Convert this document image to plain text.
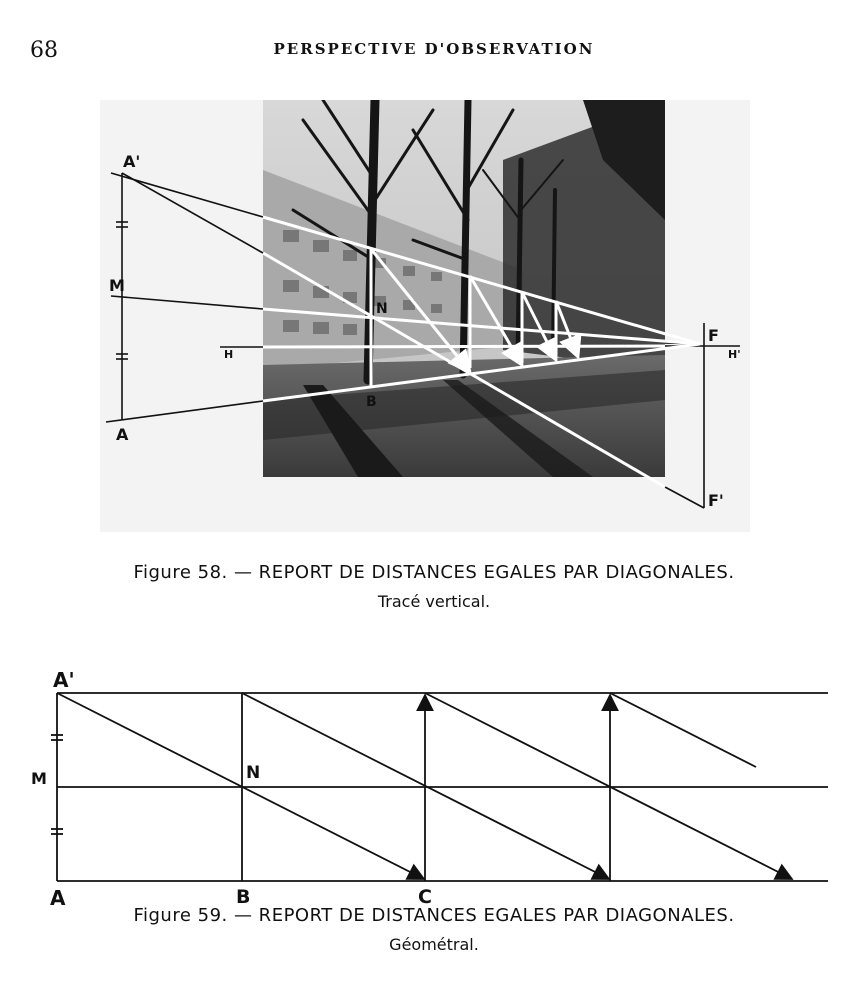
68	PERSPECTIVE D'OBSERVATION
A'
M
A
H	H'
N
B
F
F'
A'
M	N
A	B	C
Figure 58. — REPORT DE DISTANCES EGALES PAR DIAGONALES.
Tracé vertical.
Figure 59. — REPORT DE DISTANCES EGALES PAR DIAGONALES.
Géométral.
